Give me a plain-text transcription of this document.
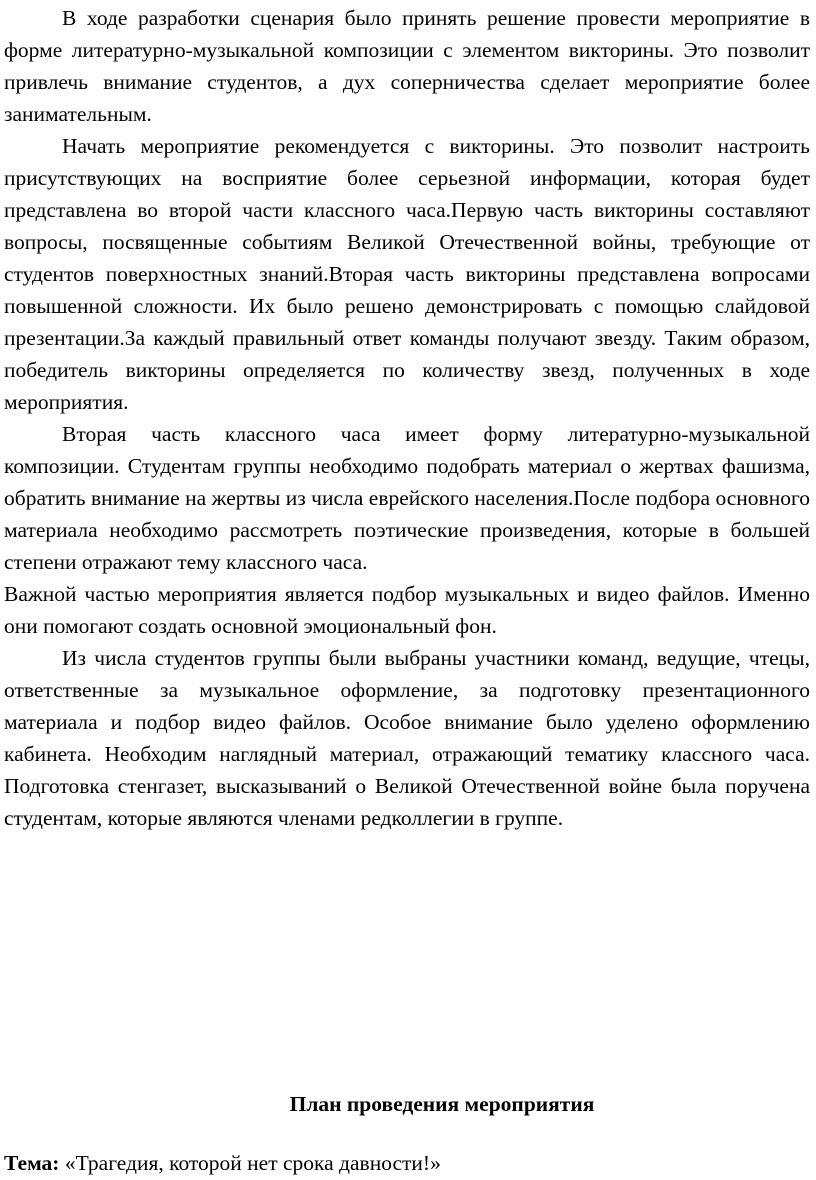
В ходе разработки сценария было принять решение провести мероприятие в форме литературно-музыкальной композиции с элементом викторины. Это позволит привлечь внимание студентов, а дух соперничества сделает мероприятие более занимательным.

Начать мероприятие рекомендуется с викторины. Это позволит настроить присутствующих на восприятие более серьезной информации, которая будет представлена во второй части классного часа.Первую часть викторины составляют вопросы, посвященные событиям Великой Отечественной войны, требующие от студентов поверхностных знаний.Вторая часть викторины представлена вопросами повышенной сложности. Их было решено демонстрировать с помощью слайдовой презентации.За каждый правильный ответ команды получают звезду. Таким образом, победитель викторины определяется по количеству звезд, полученных в ходе мероприятия.

Вторая часть классного часа имеет форму литературно-музыкальной композиции. Студентам группы необходимо подобрать материал о жертвах фашизма, обратить внимание на жертвы из числа еврейского населения.После подбора основного материала необходимо рассмотреть поэтические произведения, которые в большей степени отражают тему классного часа.

Важной частью мероприятия является подбор музыкальных и видео файлов. Именно они помогают создать основной эмоциональный фон.

Из числа студентов группы были выбраны участники команд, ведущие, чтецы, ответственные за музыкальное оформление, за подготовку презентационного материала и подбор видео файлов. Особое внимание было уделено оформлению кабинета. Необходим наглядный материал, отражающий тематику классного часа. Подготовка стенгазет, высказываний о Великой Отечественной войне была поручена студентам, которые являются членами редколлегии в группе.

План проведения мероприятия

Тема: «Трагедия, которой нет срока давности!»
